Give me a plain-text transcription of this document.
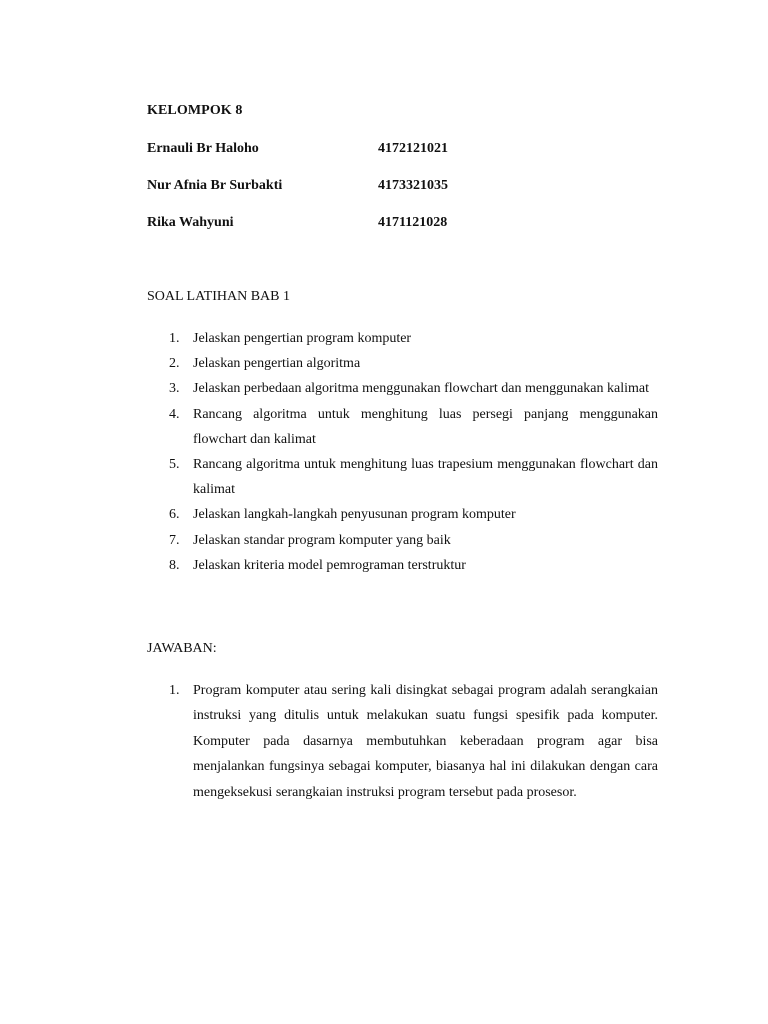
KELOMPOK 8
Ernauli Br Haloho	4172121021
Nur Afnia Br Surbakti	4173321035
Rika Wahyuni	4171121028
SOAL LATIHAN BAB 1
1. Jelaskan pengertian program komputer
2. Jelaskan pengertian algoritma
3. Jelaskan perbedaan algoritma menggunakan flowchart dan menggunakan kalimat
4. Rancang algoritma untuk menghitung luas persegi panjang menggunakan flowchart dan kalimat
5. Rancang algoritma untuk menghitung luas trapesium menggunakan flowchart dan kalimat
6. Jelaskan langkah-langkah penyusunan program komputer
7. Jelaskan standar program komputer yang baik
8. Jelaskan kriteria model pemrograman terstruktur
JAWABAN:
1. Program komputer atau sering kali disingkat sebagai program adalah serangkaian instruksi yang ditulis untuk melakukan suatu fungsi spesifik pada komputer. Komputer pada dasarnya membutuhkan keberadaan program agar bisa menjalankan fungsinya sebagai komputer, biasanya hal ini dilakukan dengan cara mengeksekusi serangkaian instruksi program tersebut pada prosesor.
